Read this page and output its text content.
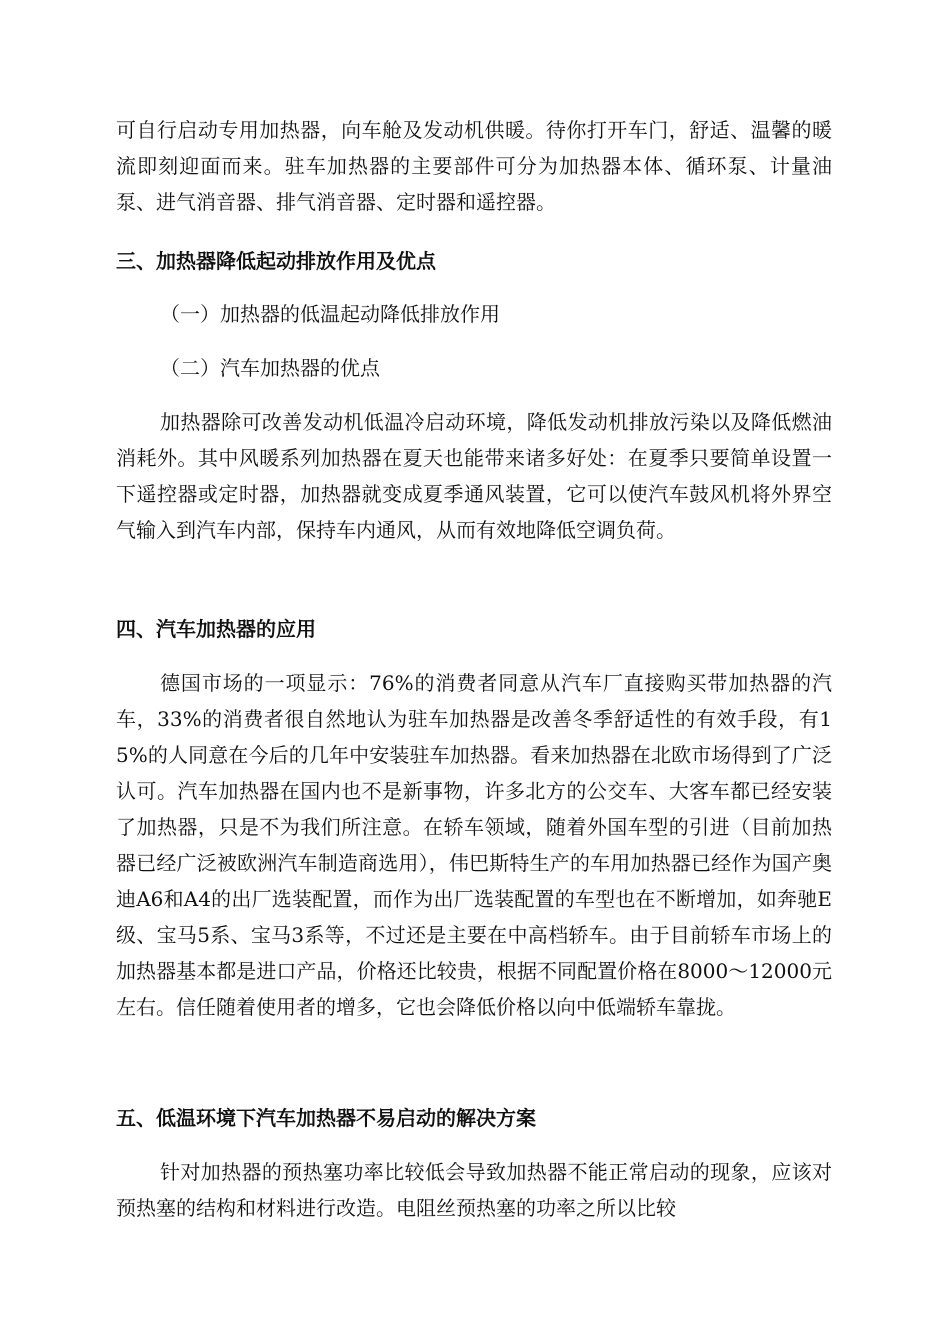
可自行启动专用加热器，向车舱及发动机供暖。待你打开车门，舒适、温馨的暖流即刻迎面而来。驻车加热器的主要部件可分为加热器本体、循环泵、计量油泵、进气消音器、排气消音器、定时器和遥控器。

三、加热器降低起动排放作用及优点

（一）加热器的低温起动降低排放作用

（二）汽车加热器的优点

加热器除可改善发动机低温冷启动环境，降低发动机排放污染以及降低燃油消耗外。其中风暖系列加热器在夏天也能带来诸多好处：在夏季只要简单设置一下遥控器或定时器，加热器就变成夏季通风装置，它可以使汽车鼓风机将外界空气输入到汽车内部，保持车内通风，从而有效地降低空调负荷。

四、汽车加热器的应用

德国市场的一项显示：76%的消费者同意从汽车厂直接购买带加热器的汽车，33%的消费者很自然地认为驻车加热器是改善冬季舒适性的有效手段，有15%的人同意在今后的几年中安装驻车加热器。看来加热器在北欧市场得到了广泛认可。汽车加热器在国内也不是新事物，许多北方的公交车、大客车都已经安装了加热器，只是不为我们所注意。在轿车领域，随着外国车型的引进（目前加热器已经广泛被欧洲汽车制造商选用），伟巴斯特生产的车用加热器已经作为国产奥迪A6和A4的出厂选装配置，而作为出厂选装配置的车型也在不断增加，如奔驰E级、宝马5系、宝马3系等，不过还是主要在中高档轿车。由于目前轿车市场上的加热器基本都是进口产品，价格还比较贵，根据不同配置价格在8000～12000元左右。信任随着使用者的增多，它也会降低价格以向中低端轿车靠拢。

五、低温环境下汽车加热器不易启动的解决方案

针对加热器的预热塞功率比较低会导致加热器不能正常启动的现象，应该对预热塞的结构和材料进行改造。电阻丝预热塞的功率之所以比较
